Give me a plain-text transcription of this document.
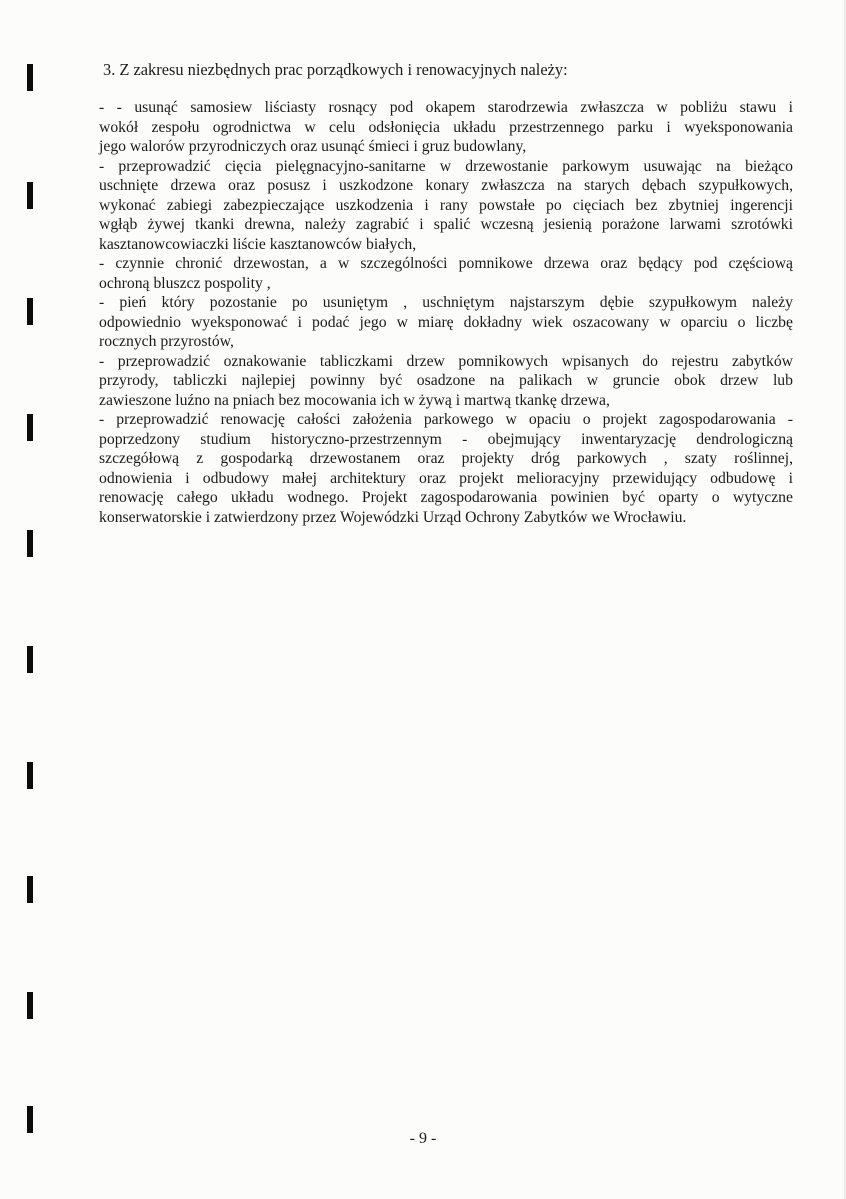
3. Z zakresu niezbędnych prac porządkowych i renowacyjnych należy:
- - usunąć samosiew liściasty rosnący pod okapem starodrzewia zwłaszcza w pobliżu stawu i
wokół zespołu ogrodnictwa w celu odsłonięcia układu przestrzennego parku i wyeksponowania
jego walorów przyrodniczych oraz usunąć śmieci i gruz budowlany,
- przeprowadzić cięcia pielęgnacyjno-sanitarne w drzewostanie parkowym usuwając na bieżąco
uschnięte drzewa oraz posusz i uszkodzone konary zwłaszcza na starych dębach szypułkowych,
wykonać zabiegi zabezpieczające uszkodzenia i rany powstałe po cięciach bez zbytniej ingerencji
wgłąb żywej tkanki drewna, należy zagrabić i spalić wczesną jesienią porażone larwami szrotówki
kasztanowcowiaczki liście kasztanowców białych,
- czynnie chronić drzewostan, a w szczególności pomnikowe drzewa oraz będący pod częściową
ochroną bluszcz pospolity ,
- pień który pozostanie po usuniętym , uschniętym najstarszym dębie szypułkowym należy
odpowiednio wyeksponować i podać jego w miarę dokładny wiek oszacowany w oparciu o liczbę
rocznych przyrostów,
- przeprowadzić oznakowanie tabliczkami drzew pomnikowych wpisanych do rejestru zabytków
przyrody, tabliczki najlepiej powinny być osadzone na palikach w gruncie obok drzew lub
zawieszone luźno na pniach bez mocowania ich w żywą i martwą tkankę drzewa,
- przeprowadzić renowację całości założenia parkowego w opaciu o projekt zagospodarowania -
poprzedzony studium historyczno-przestrzennym - obejmujący inwentaryzację dendrologiczną
szczegółową z gospodarką drzewostanem oraz projekty dróg parkowych , szaty roślinnej,
odnowienia i odbudowy małej architektury oraz projekt melioracyjny przewidujący odbudowę i
renowację całego układu wodnego. Projekt zagospodarowania powinien być oparty o wytyczne
konserwatorskie i zatwierdzony przez Wojewódzki Urząd Ochrony Zabytków we Wrocławiu.
- 9 -
